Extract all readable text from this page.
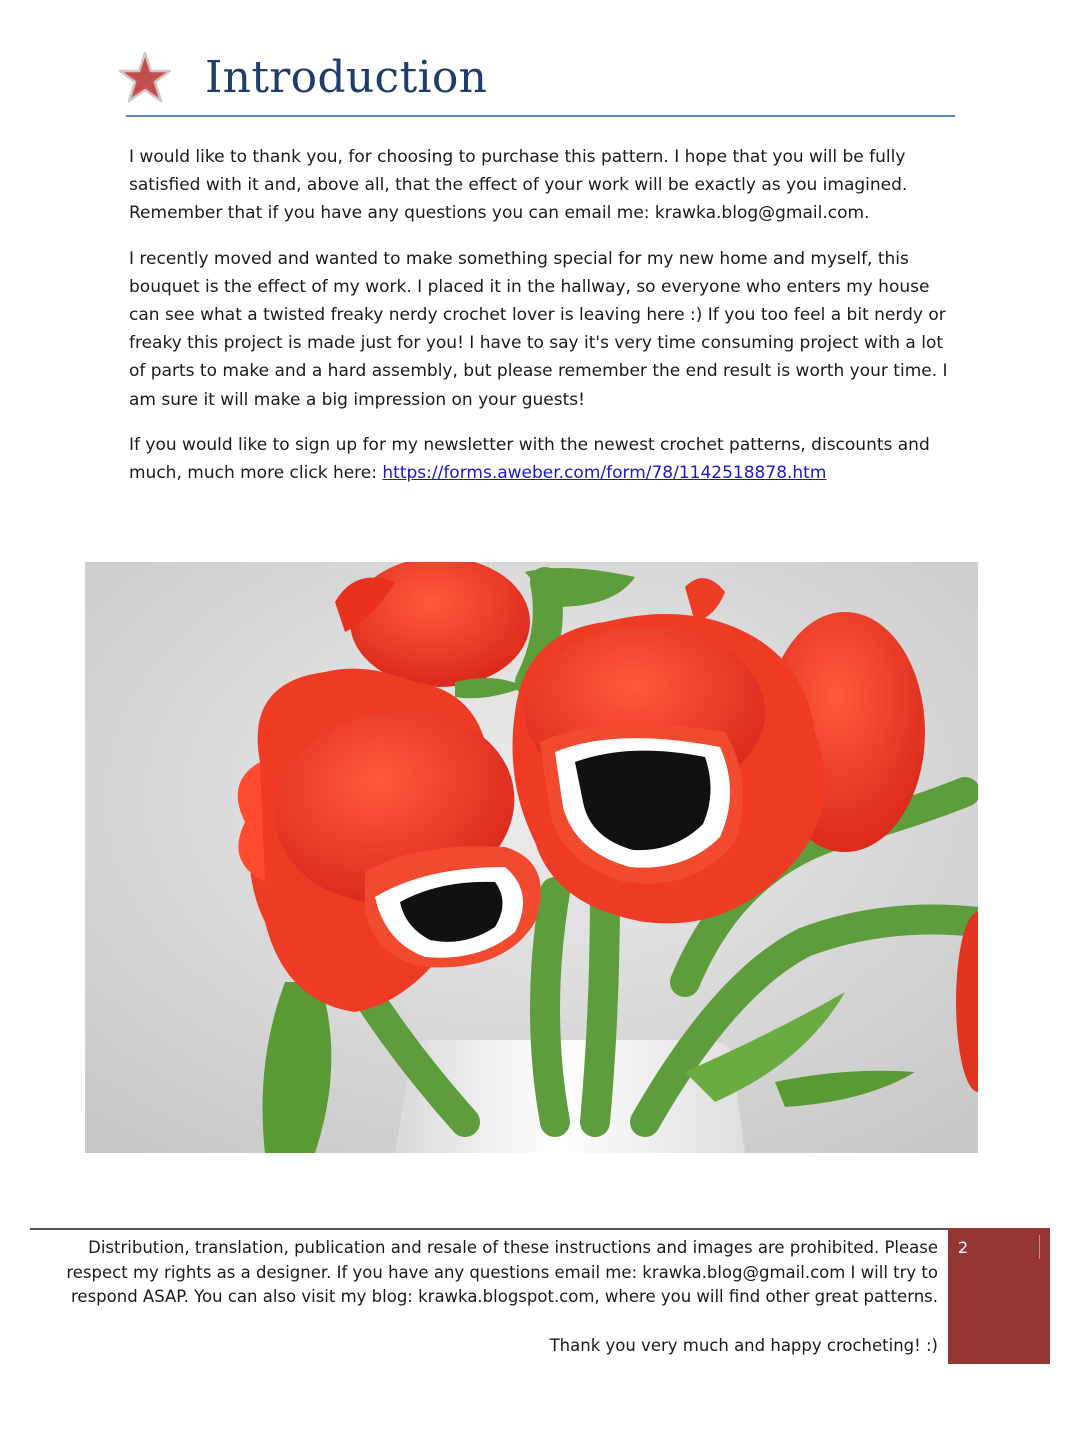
Introduction

I would like to thank you, for choosing to purchase this pattern. I hope that you will be fully satisfied with it and, above all, that the effect of your work will be exactly as you imagined. Remember that if you have any questions you can email me: krawka.blog@gmail.com.

I recently moved and wanted to make something special for my new home and myself, this bouquet is the effect of my work. I placed it in the hallway, so everyone who enters my house can see what a twisted freaky nerdy crochet lover is leaving here :) If you too feel a bit nerdy or freaky this project is made just for you! I have to say it's very time consuming project with a lot of parts to make and a hard assembly, but please remember the end result is worth your time. I am sure it will make a big impression on your guests!

If you would like to sign up for my newsletter with the newest crochet patterns, discounts and much, much more click here: https://forms.aweber.com/form/78/1142518878.htm

Distribution, translation, publication and resale of these instructions and images are prohibited. Please respect my rights as a designer. If you have any questions email me: krawka.blog@gmail.com I will try to respond ASAP. You can also visit my blog: krawka.blogspot.com, where you will find other great patterns.

Thank you very much and happy crocheting! :)

2
